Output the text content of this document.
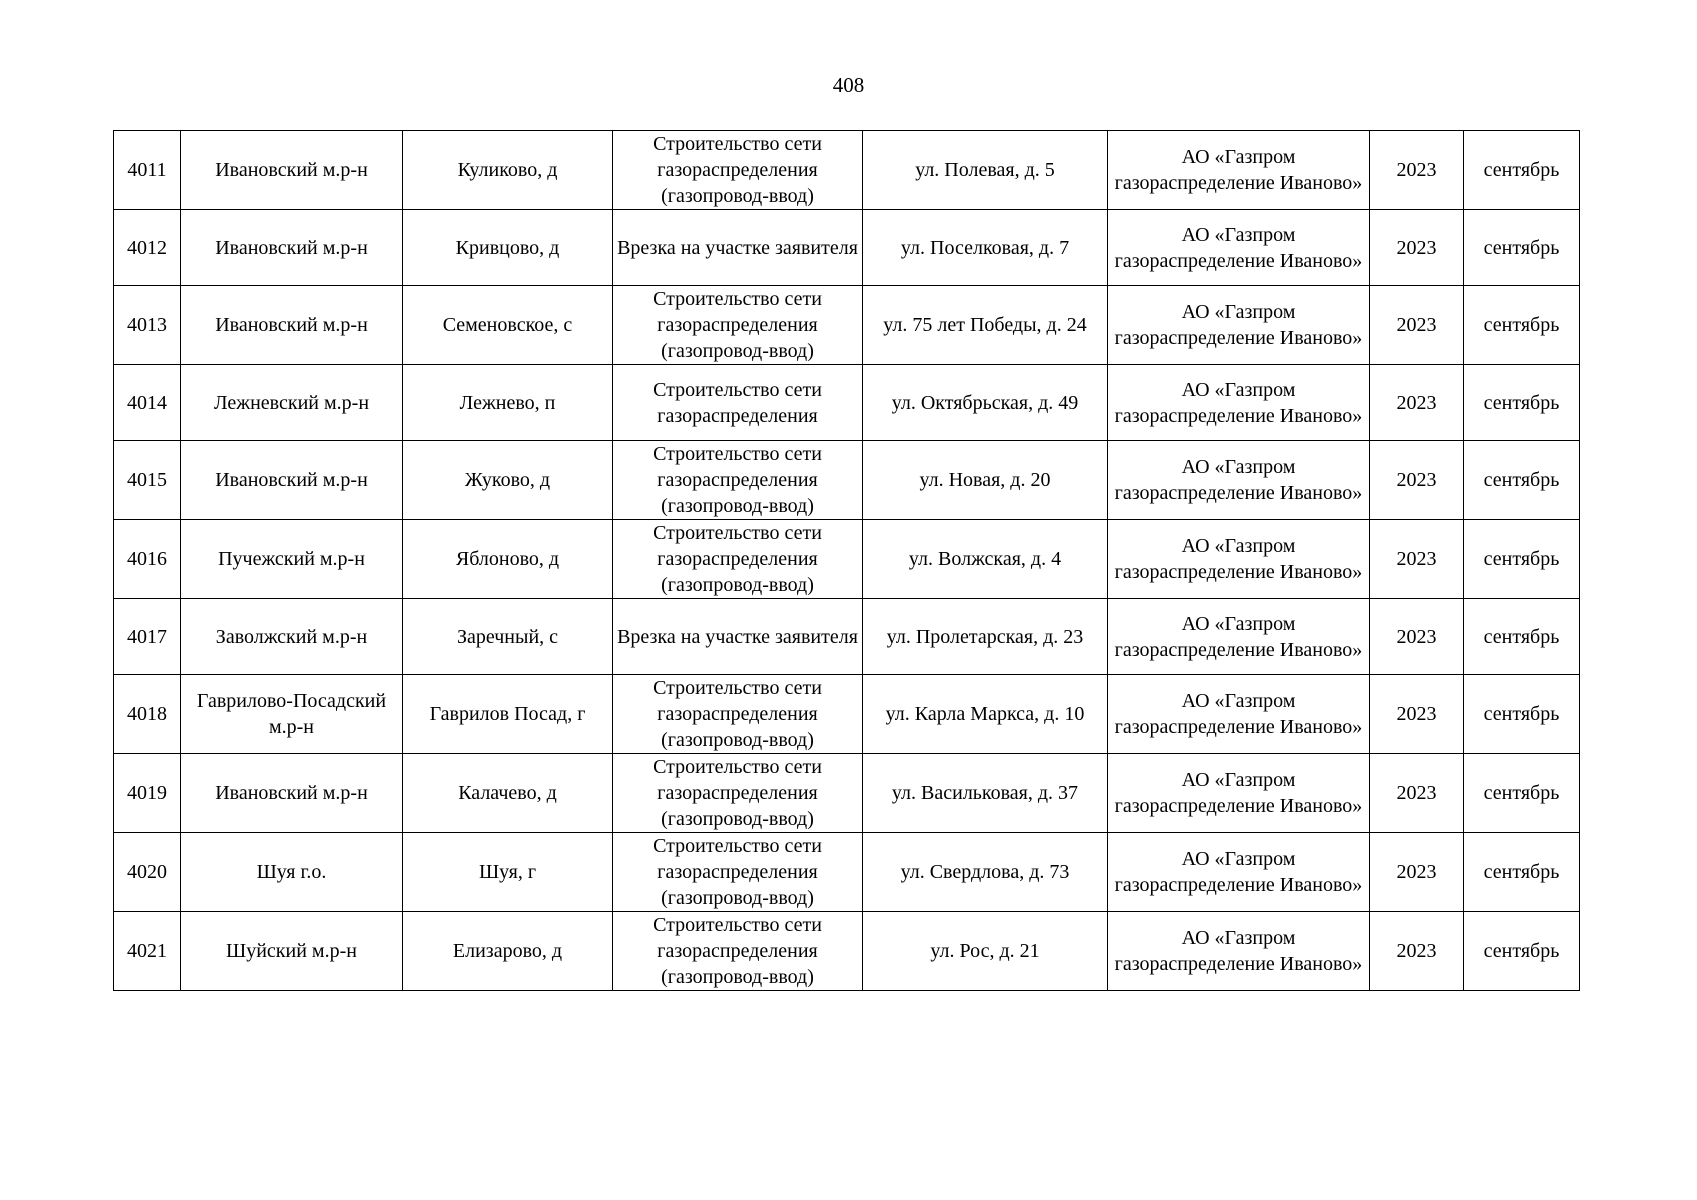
408
4011	Ивановский м.р-н	Куликово, д	Строительство сети газораспределения (газопровод-ввод)	ул. Полевая, д. 5	АО «Газпром газораспределение Иваново»	2023	сентябрь
4012	Ивановский м.р-н	Кривцово, д	Врезка на участке заявителя	ул. Поселковая, д. 7	АО «Газпром газораспределение Иваново»	2023	сентябрь
4013	Ивановский м.р-н	Семеновское, с	Строительство сети газораспределения (газопровод-ввод)	ул. 75 лет Победы, д. 24	АО «Газпром газораспределение Иваново»	2023	сентябрь
4014	Лежневский м.р-н	Лежнево, п	Строительство сети газораспределения	ул. Октябрьская, д. 49	АО «Газпром газораспределение Иваново»	2023	сентябрь
4015	Ивановский м.р-н	Жуково, д	Строительство сети газораспределения (газопровод-ввод)	ул. Новая, д. 20	АО «Газпром газораспределение Иваново»	2023	сентябрь
4016	Пучежский м.р-н	Яблоново, д	Строительство сети газораспределения (газопровод-ввод)	ул. Волжская, д. 4	АО «Газпром газораспределение Иваново»	2023	сентябрь
4017	Заволжский м.р-н	Заречный, с	Врезка на участке заявителя	ул. Пролетарская, д. 23	АО «Газпром газораспределение Иваново»	2023	сентябрь
4018	Гаврилово-Посадский м.р-н	Гаврилов Посад, г	Строительство сети газораспределения (газопровод-ввод)	ул. Карла Маркса, д. 10	АО «Газпром газораспределение Иваново»	2023	сентябрь
4019	Ивановский м.р-н	Калачево, д	Строительство сети газораспределения (газопровод-ввод)	ул. Васильковая, д. 37	АО «Газпром газораспределение Иваново»	2023	сентябрь
4020	Шуя г.о.	Шуя, г	Строительство сети газораспределения (газопровод-ввод)	ул. Свердлова, д. 73	АО «Газпром газораспределение Иваново»	2023	сентябрь
4021	Шуйский м.р-н	Елизарово, д	Строительство сети газораспределения (газопровод-ввод)	ул. Рос, д. 21	АО «Газпром газораспределение Иваново»	2023	сентябрь
